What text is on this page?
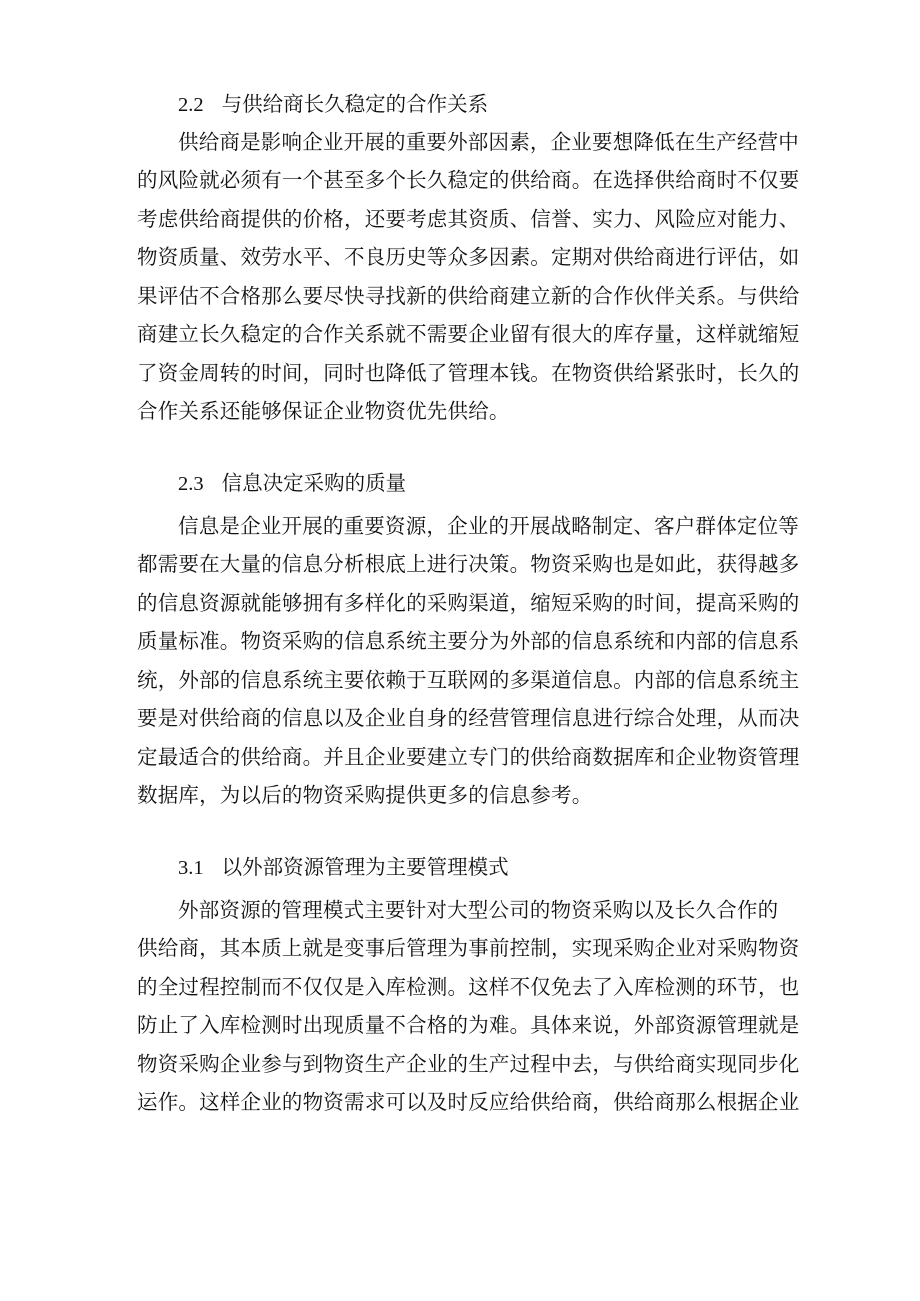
2.2 与供给商长久稳定的合作关系
供给商是影响企业开展的重要外部因素，企业要想降低在生产经营中
的风险就必须有一个甚至多个长久稳定的供给商。在选择供给商时不仅要
考虑供给商提供的价格，还要考虑其资质、信誉、实力、风险应对能力、
物资质量、效劳水平、不良历史等众多因素。定期对供给商进行评估，如
果评估不合格那么要尽快寻找新的供给商建立新的合作伙伴关系。与供给
商建立长久稳定的合作关系就不需要企业留有很大的库存量，这样就缩短
了资金周转的时间，同时也降低了管理本钱。在物资供给紧张时，长久的
合作关系还能够保证企业物资优先供给。
2.3 信息决定采购的质量
信息是企业开展的重要资源，企业的开展战略制定、客户群体定位等
都需要在大量的信息分析根底上进行决策。物资采购也是如此，获得越多
的信息资源就能够拥有多样化的采购渠道，缩短采购的时间，提高采购的
质量标准。物资采购的信息系统主要分为外部的信息系统和内部的信息系
统，外部的信息系统主要依赖于互联网的多渠道信息。内部的信息系统主
要是对供给商的信息以及企业自身的经营管理信息进行综合处理，从而决
定最适合的供给商。并且企业要建立专门的供给商数据库和企业物资管理
数据库，为以后的物资采购提供更多的信息参考。
3.1 以外部资源管理为主要管理模式
外部资源的管理模式主要针对大型公司的物资采购以及长久合作的
供给商，其本质上就是变事后管理为事前控制，实现采购企业对采购物资
的全过程控制而不仅仅是入库检测。这样不仅免去了入库检测的环节，也
防止了入库检测时出现质量不合格的为难。具体来说，外部资源管理就是
物资采购企业参与到物资生产企业的生产过程中去，与供给商实现同步化
运作。这样企业的物资需求可以及时反应给供给商，供给商那么根据企业
